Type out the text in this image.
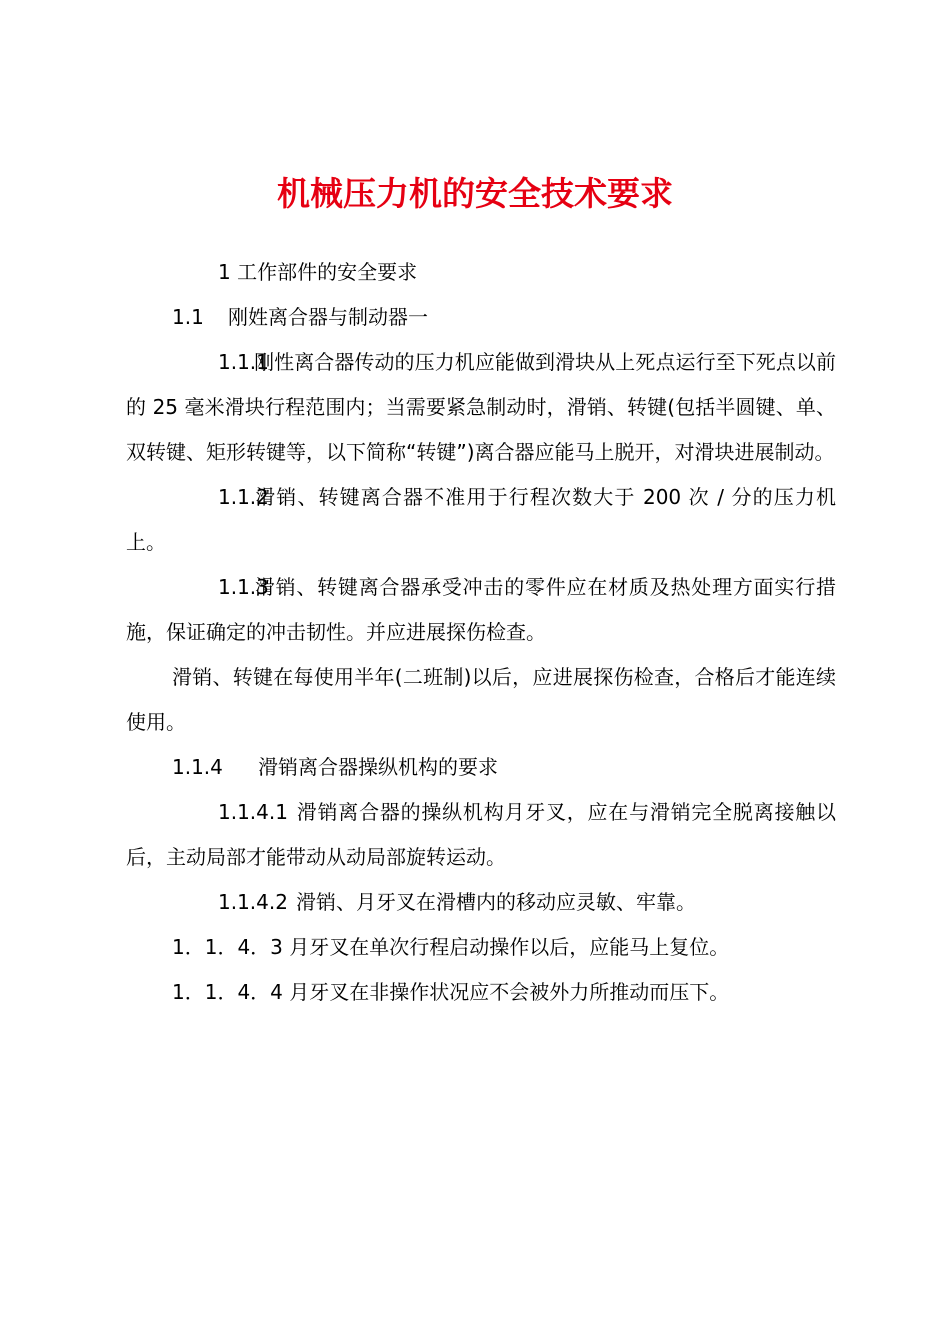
机械压力机的安全技术要求

1 工作部件的安全要求

1.1 刚姓离合器与制动器一

1.1.1刚性离合器传动的压力机应能做到滑块从上死点运行至下死点以前的 25 毫米滑块行程范围内；当需要紧急制动时，滑销、转键(包括半圆键、单、双转键、矩形转键等，以下简称“转键”)离合器应能马上脱开，对滑块进展制动。

1.1.2滑销、转键离合器不准用于行程次数大于 200 次 / 分的压力机上。

1.1.3滑销、转键离合器承受冲击的零件应在材质及热处理方面实行措施，保证确定的冲击韧性。并应进展探伤检查。

滑销、转键在每使用半年(二班制)以后，应进展探伤检查，合格后才能连续使用。

1.1.4 滑销离合器操纵机构的要求

1.1.4.1 滑销离合器的操纵机构月牙叉，应在与滑销完全脱离接触以后，主动局部才能带动从动局部旋转运动。

1.1.4.2 滑销、月牙叉在滑槽内的移动应灵敏、牢靠。

1．1．4．3 月牙叉在单次行程启动操作以后，应能马上复位。

1．1．4．4 月牙叉在非操作状况应不会被外力所推动而压下。
